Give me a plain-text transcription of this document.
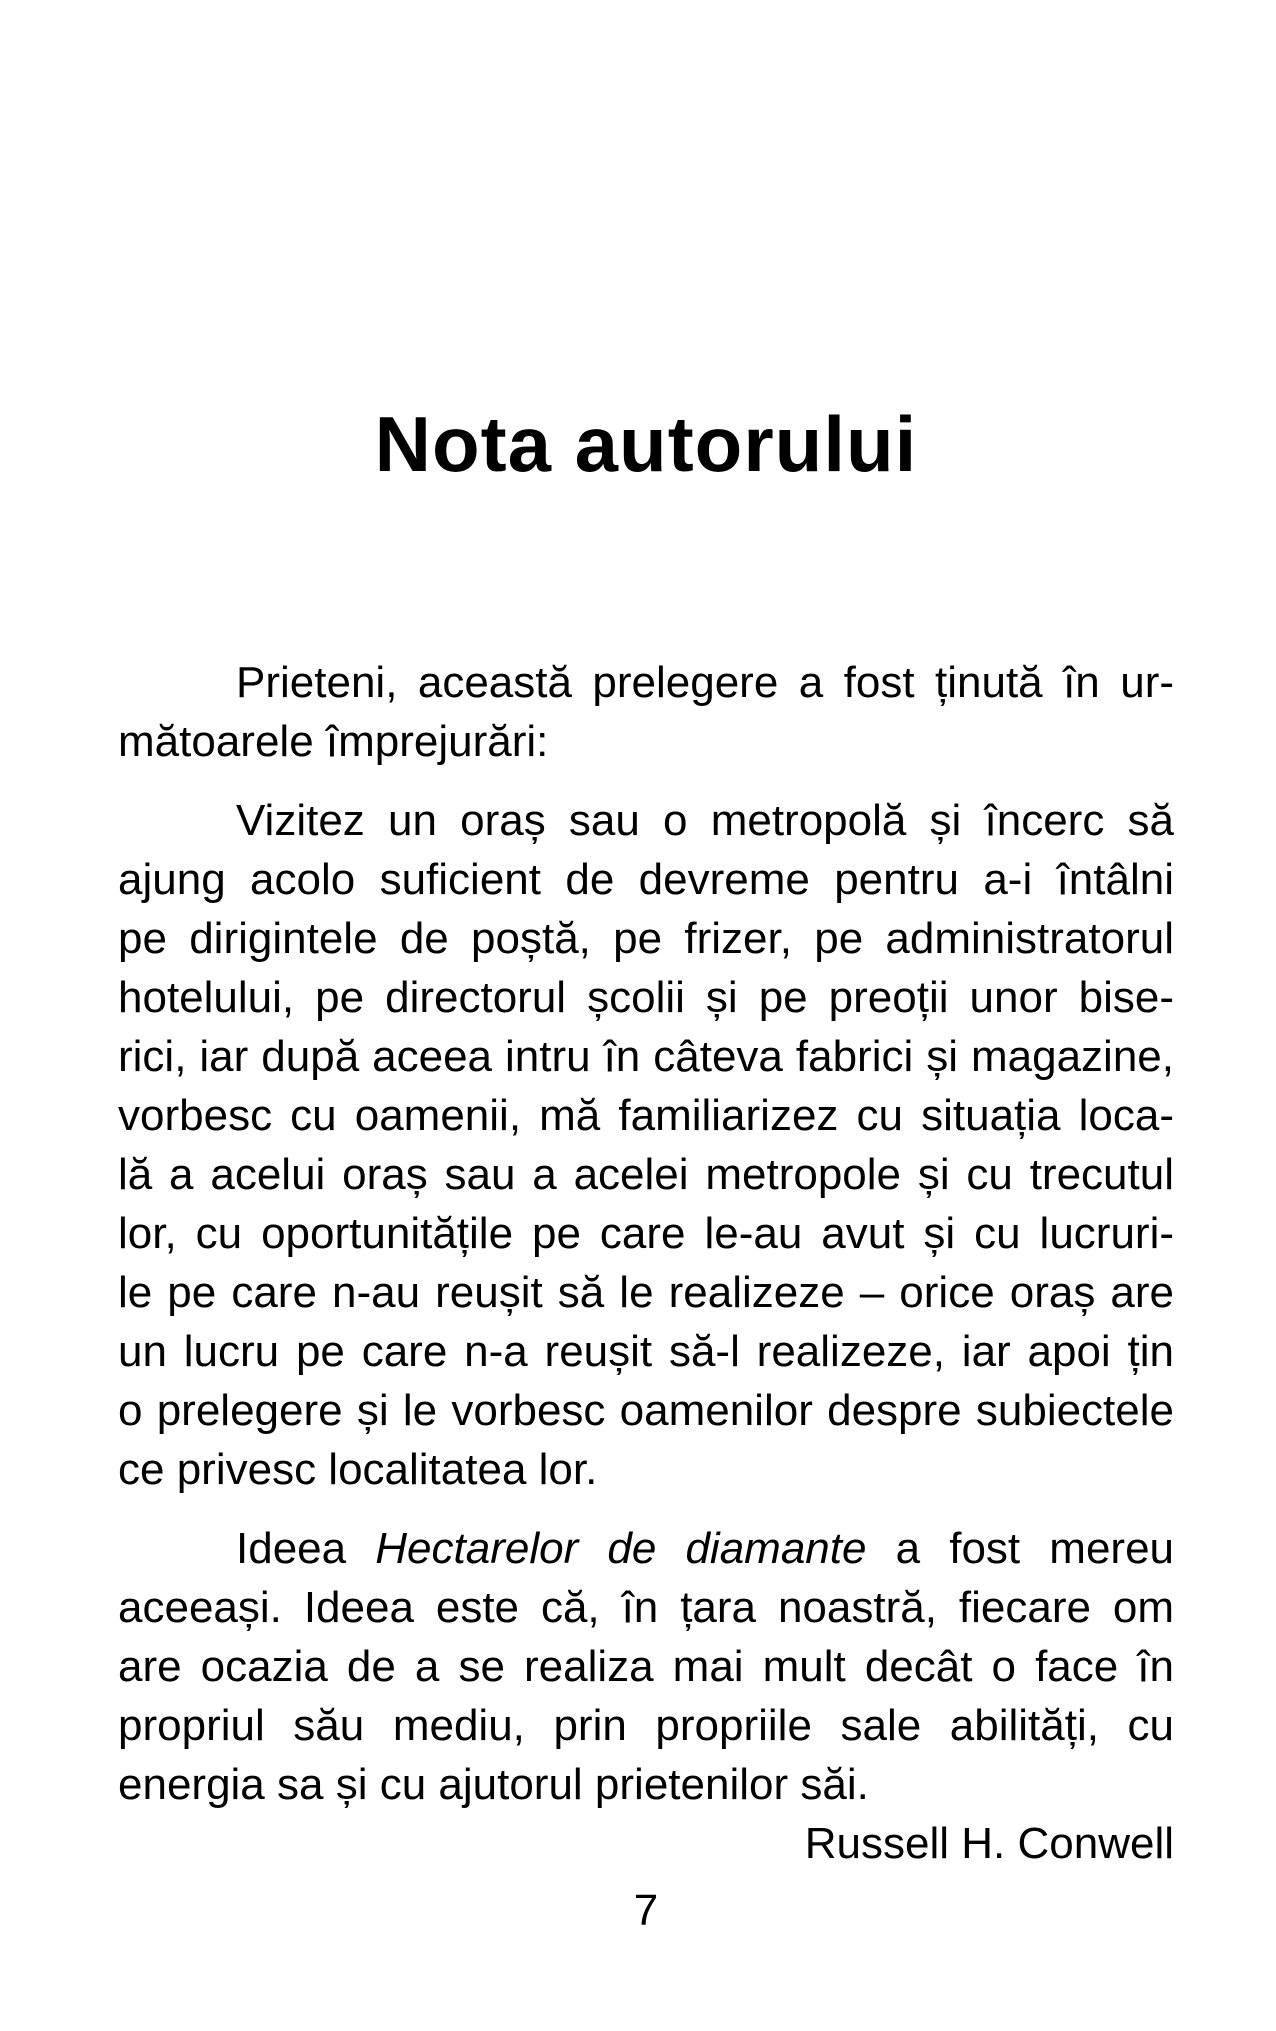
Nota autorului
Prieteni, această prelegere a fost ținută în ur-
mătoarele împrejurări:
Vizitez un oraș sau o metropolă și încerc să
ajung acolo suficient de devreme pentru a-i întâlni
pe dirigintele de poștă, pe frizer, pe administratorul
hotelului, pe directorul școlii și pe preoții unor bise-
rici, iar după aceea intru în câteva fabrici și magazine,
vorbesc cu oamenii, mă familiarizez cu situația loca-
lă a acelui oraș sau a acelei metropole și cu trecutul
lor, cu oportunitățile pe care le-au avut și cu lucruri-
le pe care n-au reușit să le realizeze – orice oraș are
un lucru pe care n-a reușit să-l realizeze, iar apoi țin
o prelegere și le vorbesc oamenilor despre subiectele
ce privesc localitatea lor.
Ideea Hectarelor de diamante a fost mereu
aceeași. Ideea este că, în țara noastră, fiecare om
are ocazia de a se realiza mai mult decât o face în
propriul său mediu, prin propriile sale abilități, cu
energia sa și cu ajutorul prietenilor săi.
Russell H. Conwell
7
